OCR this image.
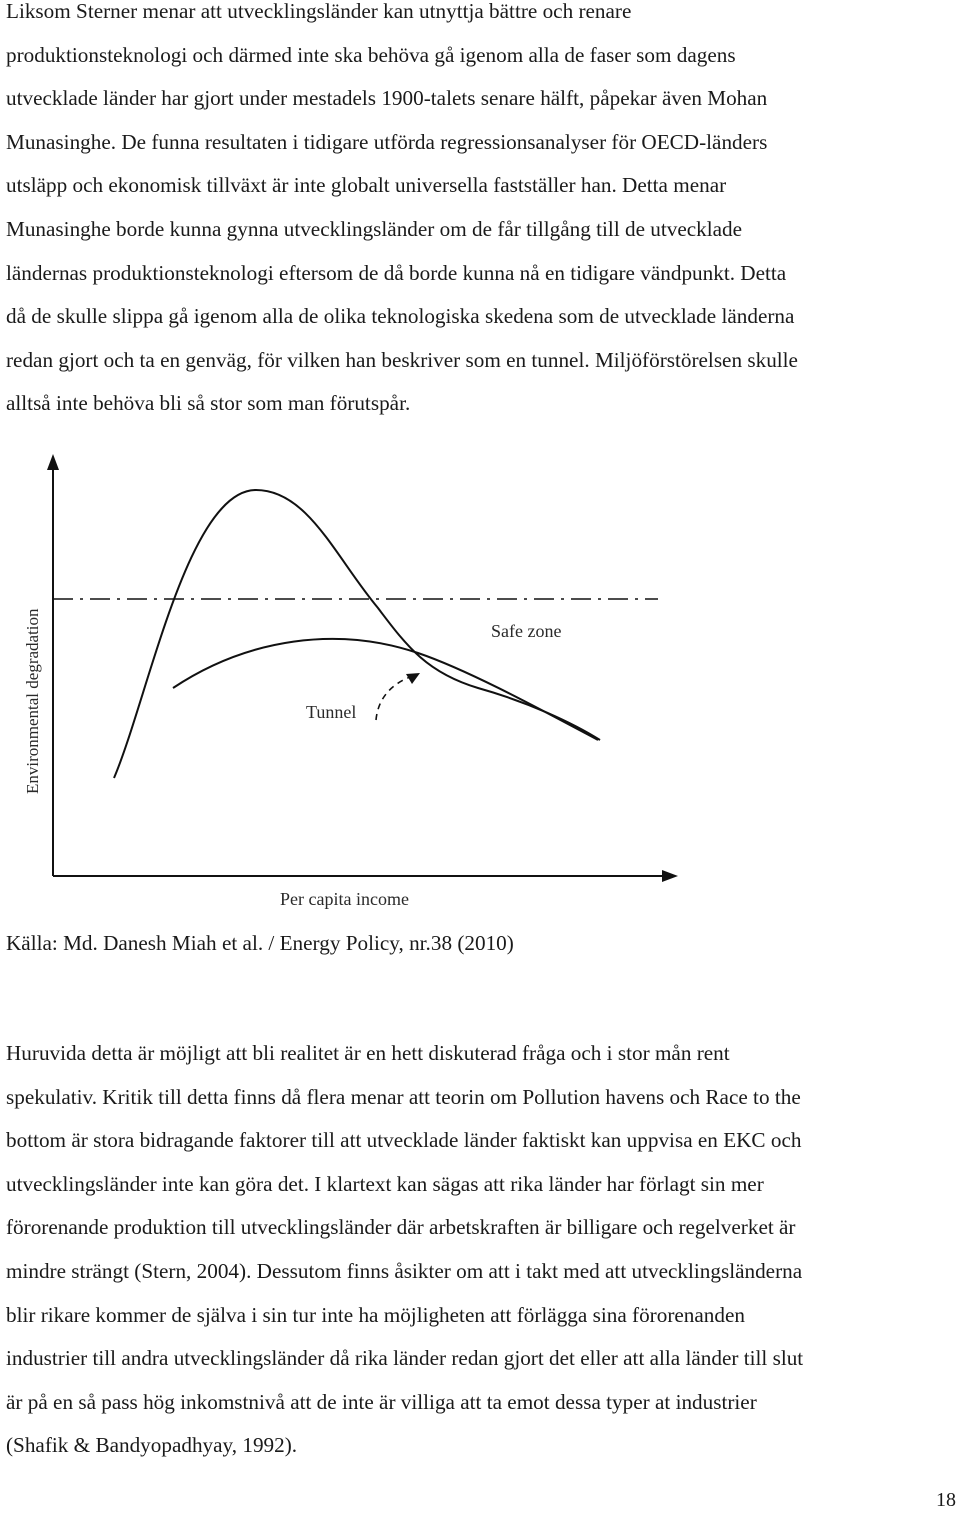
Liksom Sterner menar att utvecklingsländer kan utnyttja bättre och renare
produktionsteknologi och därmed inte ska behöva gå igenom alla de faser som dagens
utvecklade länder har gjort under mestadels 1900-talets senare hälft, påpekar även Mohan
Munasinghe. De funna resultaten i tidigare utförda regressionsanalyser för OECD-länders
utsläpp och ekonomisk tillväxt är inte globalt universella fastställer han. Detta menar
Munasinghe borde kunna gynna utvecklingsländer om de får tillgång till de utvecklade
ländernas produktionsteknologi eftersom de då borde kunna nå en tidigare vändpunkt. Detta
då de skulle slippa gå igenom alla de olika teknologiska skedena som de utvecklade länderna
redan gjort och ta en genväg, för vilken han beskriver som en tunnel. Miljöförstörelsen skulle
alltså inte behöva bli så stor som man förutspår.
Safe zone
Tunnel
Per capita income
Environmental degradation
Källa: Md. Danesh Miah et al. / Energy Policy, nr.38 (2010)
Huruvida detta är möjligt att bli realitet är en hett diskuterad fråga och i stor mån rent
spekulativ. Kritik till detta finns då flera menar att teorin om Pollution havens och Race to the
bottom är stora bidragande faktorer till att utvecklade länder faktiskt kan uppvisa en EKC och
utvecklingsländer inte kan göra det. I klartext kan sägas att rika länder har förlagt sin mer
förorenande produktion till utvecklingsländer där arbetskraften är billigare och regelverket är
mindre strängt (Stern, 2004). Dessutom finns åsikter om att i takt med att utvecklingsländerna
blir rikare kommer de själva i sin tur inte ha möjligheten att förlägga sina förorenanden
industrier till andra utvecklingsländer då rika länder redan gjort det eller att alla länder till slut
är på en så pass hög inkomstnivå att de inte är villiga att ta emot dessa typer at industrier
(Shafik & Bandyopadhyay, 1992).
18
